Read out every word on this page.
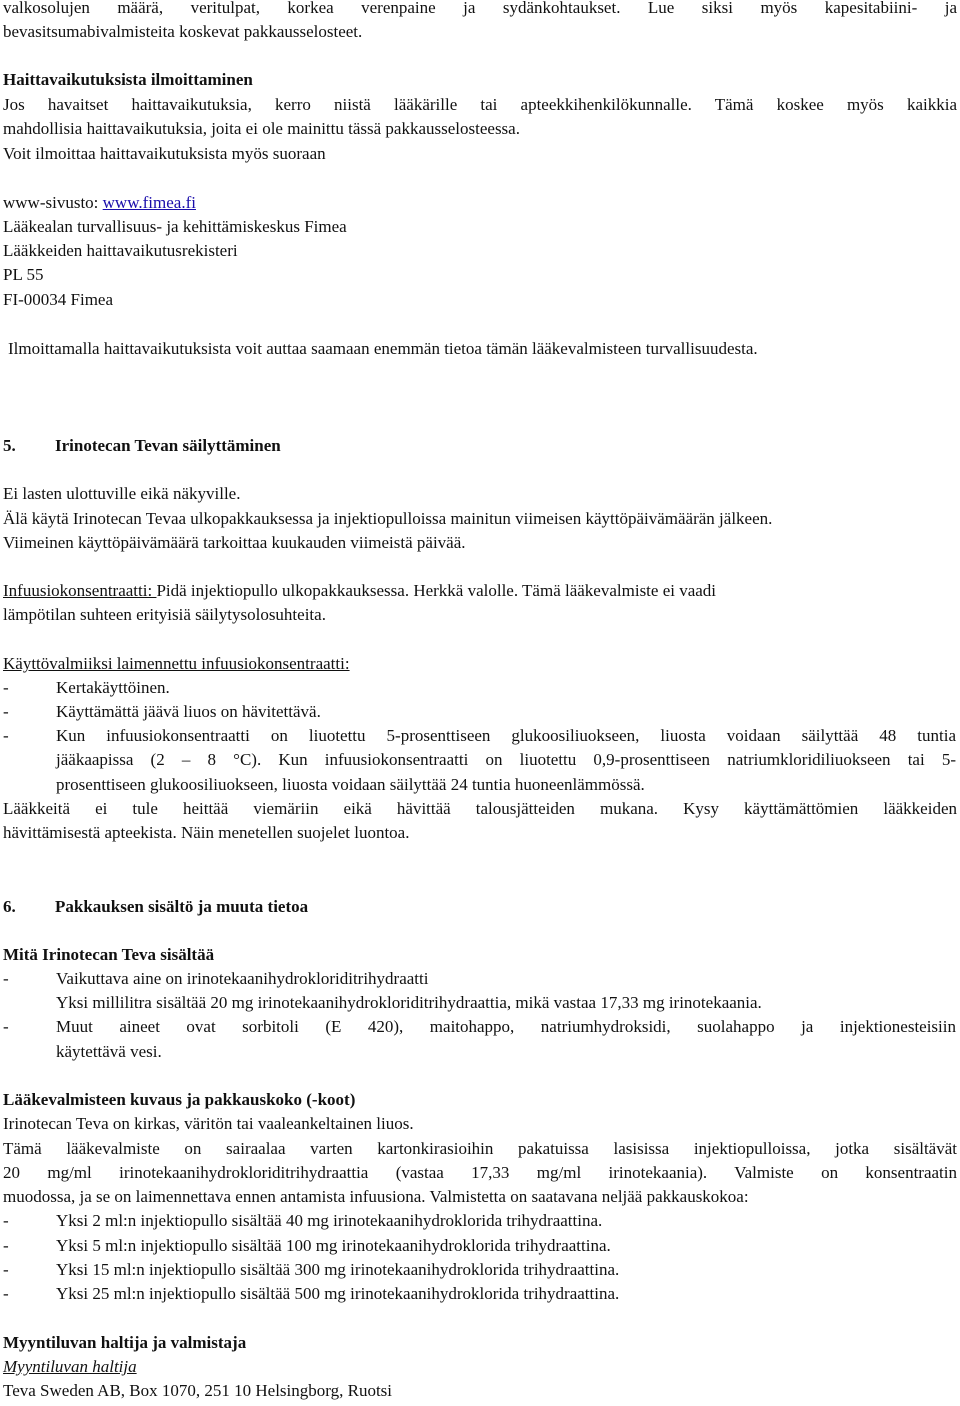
valkosolujen määrä, veritulpat, korkea verenpaine ja sydänkohtaukset. Lue siksi myös kapesitabiini- ja
bevasitsumabivalmisteita koskevat pakkausselosteet.
Haittavaikutuksista ilmoittaminen
Jos havaitset haittavaikutuksia, kerro niistä lääkärille tai apteekkihenkilökunnalle. Tämä koskee myös kaikkia
mahdollisia haittavaikutuksia, joita ei ole mainittu tässä pakkausselosteessa.
Voit ilmoittaa haittavaikutuksista myös suoraan
www-sivusto: www.fimea.fi
Lääkealan turvallisuus- ja kehittämiskeskus Fimea
Lääkkeiden haittavaikutusrekisteri
PL 55
FI-00034 Fimea
Ilmoittamalla haittavaikutuksista voit auttaa saamaan enemmän tietoa tämän lääkevalmisteen turvallisuudesta.
5. Irinotecan Tevan säilyttäminen
Ei lasten ulottuville eikä näkyville.
Älä käytä Irinotecan Tevaa ulkopakkauksessa ja injektiopulloissa mainitun viimeisen käyttöpäivämäärän jälkeen.
Viimeinen käyttöpäivämäärä tarkoittaa kuukauden viimeistä päivää.
Infuusiokonsentraatti: Pidä injektiopullo ulkopakkauksessa. Herkkä valolle. Tämä lääkevalmiste ei vaadi
lämpötilan suhteen erityisiä säilytysolosuhteita.
Käyttövalmiiksi laimennettu infuusiokonsentraatti:
-	Kertakäyttöinen.
-	Käyttämättä jäävä liuos on hävitettävä.
-	Kun infuusiokonsentraatti on liuotettu 5-prosenttiseen glukoosiliuokseen, liuosta voidaan säilyttää 48 tuntia
jääkaapissa (2 – 8 °C). Kun infuusiokonsentraatti on liuotettu 0,9-prosenttiseen natriumkloridiliuokseen tai 5-
prosenttiseen glukoosiliuokseen, liuosta voidaan säilyttää 24 tuntia huoneenlämmössä.
Lääkkeitä ei tule heittää viemäriin eikä hävittää talousjätteiden mukana. Kysy käyttämättömien lääkkeiden
hävittämisestä apteekista. Näin menetellen suojelet luontoa.
6. Pakkauksen sisältö ja muuta tietoa
Mitä Irinotecan Teva sisältää
-	Vaikuttava aine on irinotekaanihydrokloriditrihydraatti
Yksi millilitra sisältää 20 mg irinotekaanihydrokloriditrihydraattia, mikä vastaa 17,33 mg irinotekaania.
-	Muut aineet ovat sorbitoli (E 420), maitohappo, natriumhydroksidi, suolahappo ja injektionesteisiin
käytettävä vesi.
Lääkevalmisteen kuvaus ja pakkauskoko (-koot)
Irinotecan Teva on kirkas, väritön tai vaaleankeltainen liuos.
Tämä lääkevalmiste on sairaalaa varten kartonkirasioihin pakatuissa lasisissa injektiopulloissa, jotka sisältävät
20 mg/ml irinotekaanihydrokloriditrihydraattia (vastaa 17,33 mg/ml irinotekaania). Valmiste on konsentraatin
muodossa, ja se on laimennettava ennen antamista infuusiona. Valmistetta on saatavana neljää pakkauskokoa:
-	Yksi 2 ml:n injektiopullo sisältää 40 mg irinotekaanihydroklorida trihydraattina.
-	Yksi 5 ml:n injektiopullo sisältää 100 mg irinotekaanihydroklorida trihydraattina.
-	Yksi 15 ml:n injektiopullo sisältää 300 mg irinotekaanihydroklorida trihydraattina.
-	Yksi 25 ml:n injektiopullo sisältää 500 mg irinotekaanihydroklorida trihydraattina.
Myyntiluvan haltija ja valmistaja
Myyntiluvan haltija
Teva Sweden AB, Box 1070, 251 10 Helsingborg, Ruotsi
